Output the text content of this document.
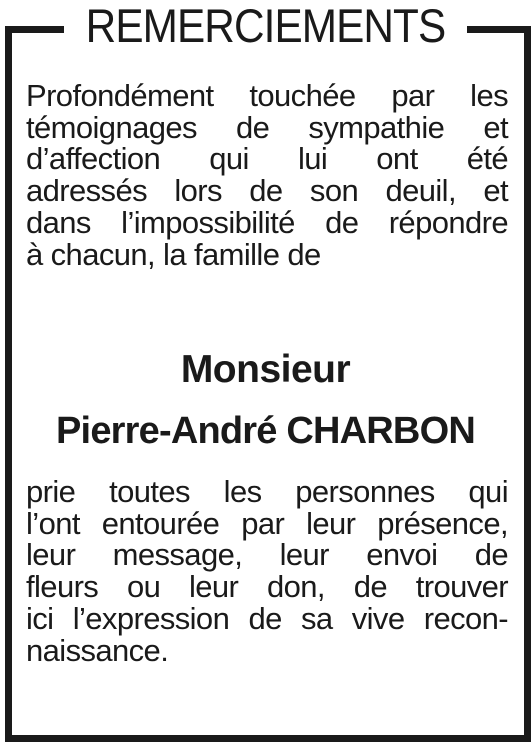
REMERCIEMENTS

Profondément touchée par les
témoignages de sympathie et
d’affection qui lui ont été
adressés lors de son deuil, et
dans l’impossibilité de répondre
à chacun, la famille de

Monsieur

Pierre-André CHARBON

prie toutes les personnes qui
l’ont entourée par leur présence,
leur message, leur envoi de
fleurs ou leur don, de trouver
ici l’expression de sa vive recon-
naissance.
